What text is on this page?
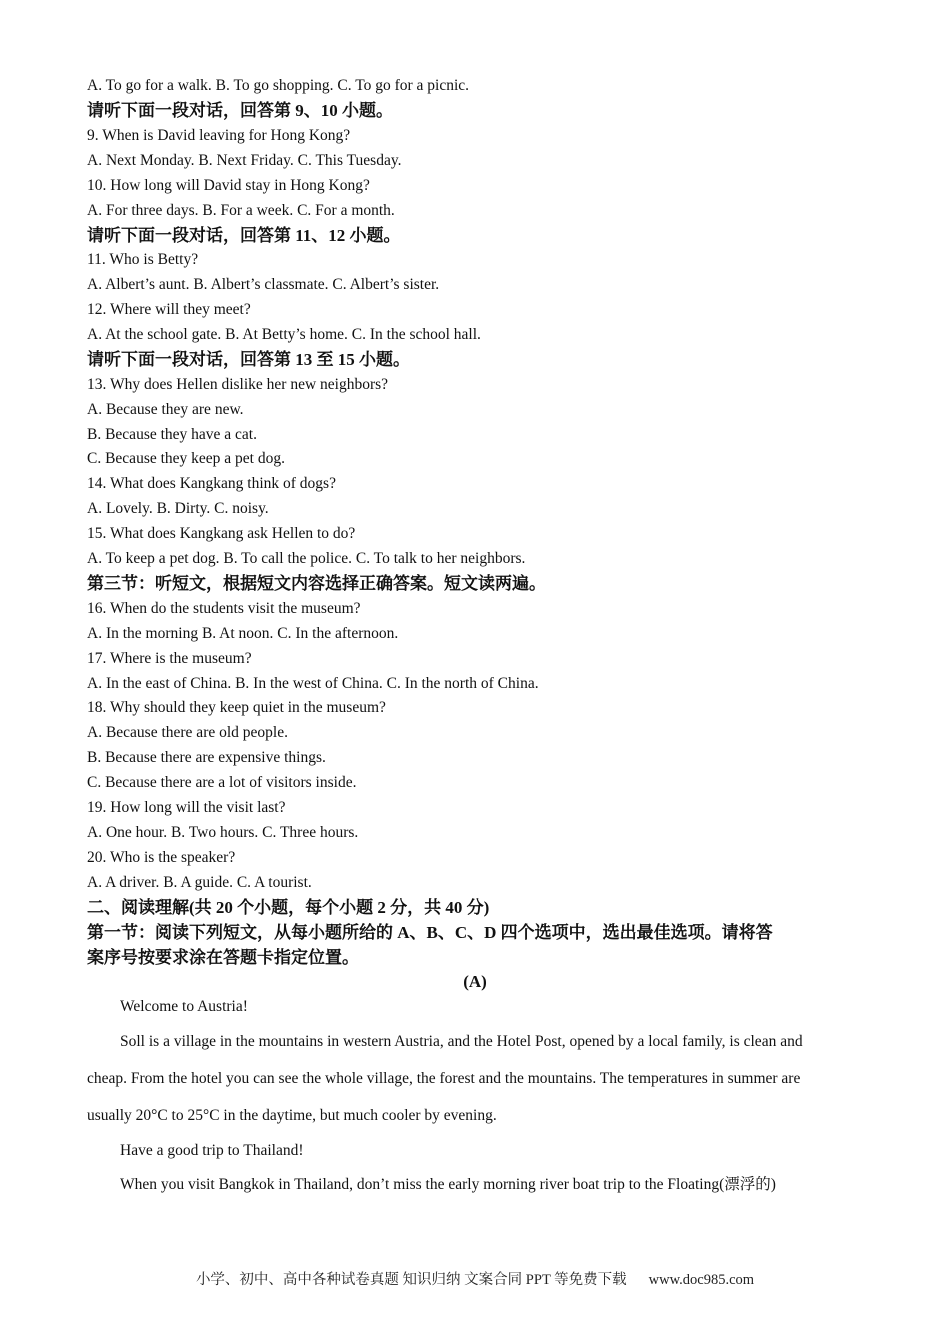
A. To go for a walk. B. To go shopping. C. To go for a picnic.
请听下面一段对话，回答第 9、10 小题。
9. When is David leaving for Hong Kong?
A. Next Monday. B. Next Friday. C. This Tuesday.
10. How long will David stay in Hong Kong?
A. For three days. B. For a week. C. For a month.
请听下面一段对话，回答第 11、12 小题。
11. Who is Betty?
A. Albert’s aunt. B. Albert’s classmate. C. Albert’s sister.
12. Where will they meet?
A. At the school gate. B. At Betty’s home. C. In the school hall.
请听下面一段对话，回答第 13 至 15 小题。
13. Why does Hellen dislike her new neighbors?
A. Because they are new.
B. Because they have a cat.
C. Because they keep a pet dog.
14. What does Kangkang think of dogs?
A. Lovely. B. Dirty. C. noisy.
15. What does Kangkang ask Hellen to do?
A. To keep a pet dog. B. To call the police. C. To talk to her neighbors.
第三节：听短文，根据短文内容选择正确答案。短文读两遍。
16. When do the students visit the museum?
A. In the morning B. At noon. C. In the afternoon.
17. Where is the museum?
A. In the east of China. B. In the west of China. C. In the north of China.
18. Why should they keep quiet in the museum?
A. Because there are old people.
B. Because there are expensive things.
C. Because there are a lot of visitors inside.
19. How long will the visit last?
A. One hour. B. Two hours. C. Three hours.
20. Who is the speaker?
A. A driver. B. A guide. C. A tourist.
二、阅读理解(共 20 个小题，每个小题 2 分，共 40 分)
第一节：阅读下列短文，从每小题所给的 A、B、C、D 四个选项中，选出最佳选项。请将答
案序号按要求涂在答题卡指定位置。
(A)
Welcome to Austria!
Soll is a village in the mountains in western Austria, and the Hotel Post, opened by a local family, is clean and
cheap. From the hotel you can see the whole village, the forest and the mountains. The temperatures in summer are
usually 20°C to 25°C in the daytime, but much cooler by evening.
Have a good trip to Thailand!
When you visit Bangkok in Thailand, don’t miss the early morning river boat trip to the Floating(漂浮的)
小学、初中、高中各种试卷真题 知识归纳 文案合同 PPT 等免费下载 www.doc985.com
